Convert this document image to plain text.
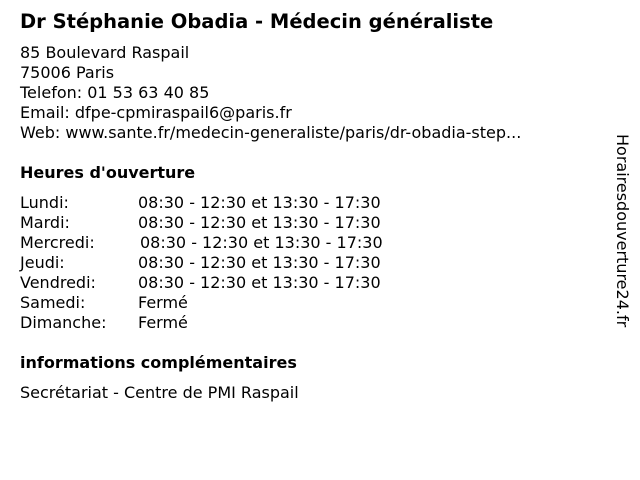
Dr Stéphanie Obadia - Médecin généraliste
85 Boulevard Raspail
75006 Paris
Telefon: 01 53 63 40 85
Email: dfpe-cpmiraspail6@paris.fr
Web: www.sante.fr/medecin-generaliste/paris/dr-obadia-step...
Heures d'ouverture
Lundi:	08:30 - 12:30 et 13:30 - 17:30
Mardi:	08:30 - 12:30 et 13:30 - 17:30
Mercredi:	08:30 - 12:30 et 13:30 - 17:30
Jeudi:	08:30 - 12:30 et 13:30 - 17:30
Vendredi:	08:30 - 12:30 et 13:30 - 17:30
Samedi:	Fermé
Dimanche: Fermé
informations complémentaires
Secrétariat - Centre de PMI Raspail
Horairesdouverture24.fr
